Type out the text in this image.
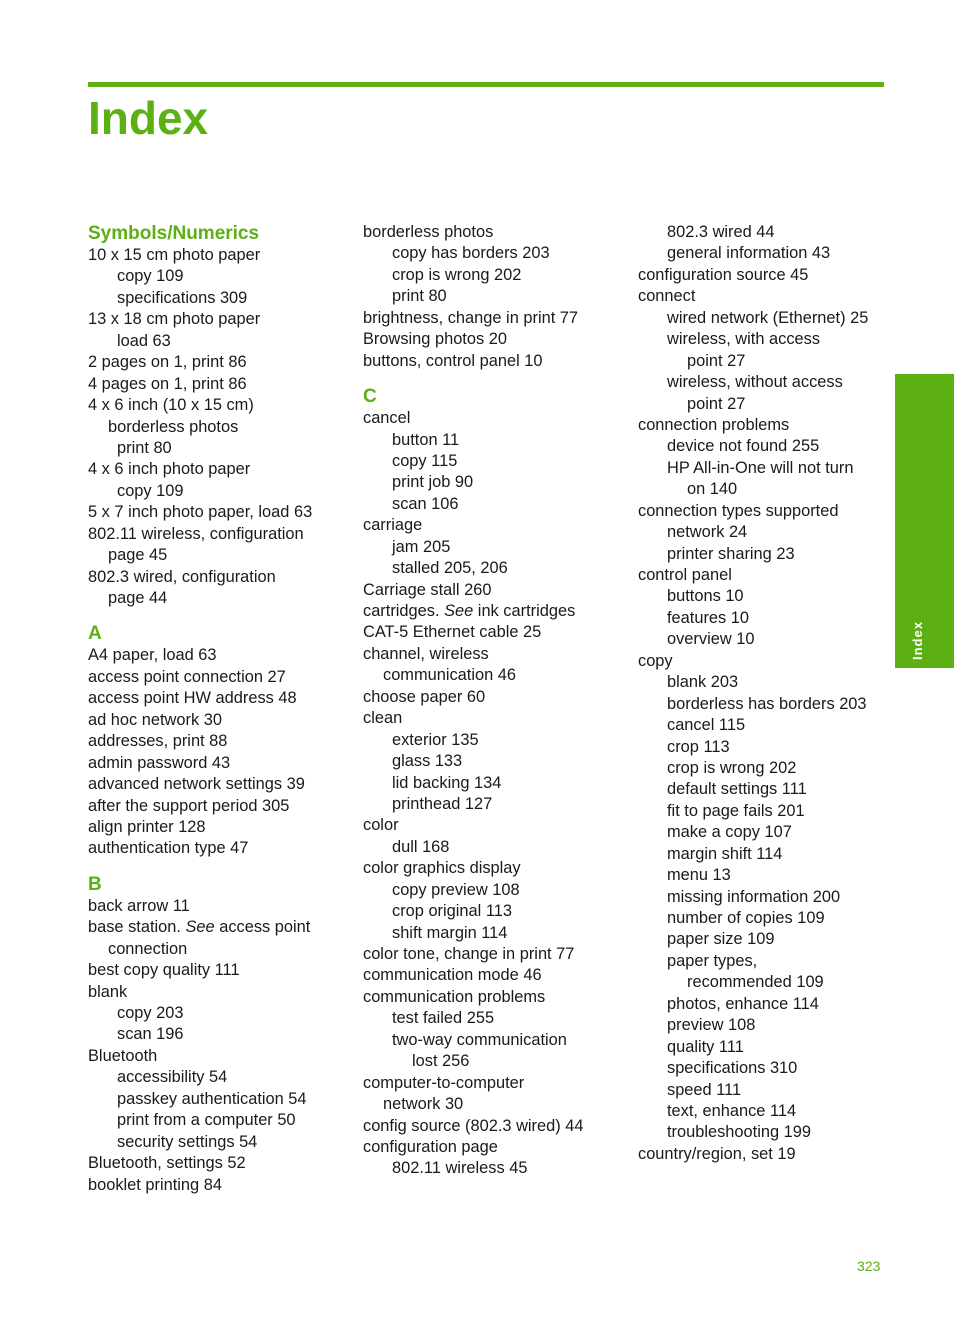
Index
Symbols/Numerics
10 x 15 cm photo paper
copy 109
specifications 309
13 x 18 cm photo paper
load 63
2 pages on 1, print 86
4 pages on 1, print 86
4 x 6 inch (10 x 15 cm)
borderless photos
print 80
4 x 6 inch photo paper
copy 109
5 x 7 inch photo paper, load 63
802.11 wireless, configuration
page 45
802.3 wired, configuration
page 44
A
A4 paper, load 63
access point connection 27
access point HW address 48
ad hoc network 30
addresses, print 88
admin password 43
advanced network settings 39
after the support period 305
align printer 128
authentication type 47
B
back arrow 11
base station. See access point
connection
best copy quality 111
blank
copy 203
scan 196
Bluetooth
accessibility 54
passkey authentication 54
print from a computer 50
security settings 54
Bluetooth, settings 52
booklet printing 84
borderless photos
copy has borders 203
crop is wrong 202
print 80
brightness, change in print 77
Browsing photos 20
buttons, control panel 10
C
cancel
button 11
copy 115
print job 90
scan 106
carriage
jam 205
stalled 205, 206
Carriage stall 260
cartridges. See ink cartridges
CAT-5 Ethernet cable 25
channel, wireless
communication 46
choose paper 60
clean
exterior 135
glass 133
lid backing 134
printhead 127
color
dull 168
color graphics display
copy preview 108
crop original 113
shift margin 114
color tone, change in print 77
communication mode 46
communication problems
test failed 255
two-way communication
lost 256
computer-to-computer
network 30
config source (802.3 wired) 44
configuration page
802.11 wireless 45
802.3 wired 44
general information 43
configuration source 45
connect
wired network (Ethernet) 25
wireless, with access
point 27
wireless, without access
point 27
connection problems
device not found 255
HP All-in-One will not turn
on 140
connection types supported
network 24
printer sharing 23
control panel
buttons 10
features 10
overview 10
copy
blank 203
borderless has borders 203
cancel 115
crop 113
crop is wrong 202
default settings 111
fit to page fails 201
make a copy 107
margin shift 114
menu 13
missing information 200
number of copies 109
paper size 109
paper types,
recommended 109
photos, enhance 114
preview 108
quality 111
specifications 310
speed 111
text, enhance 114
troubleshooting 199
country/region, set 19
Index
323
